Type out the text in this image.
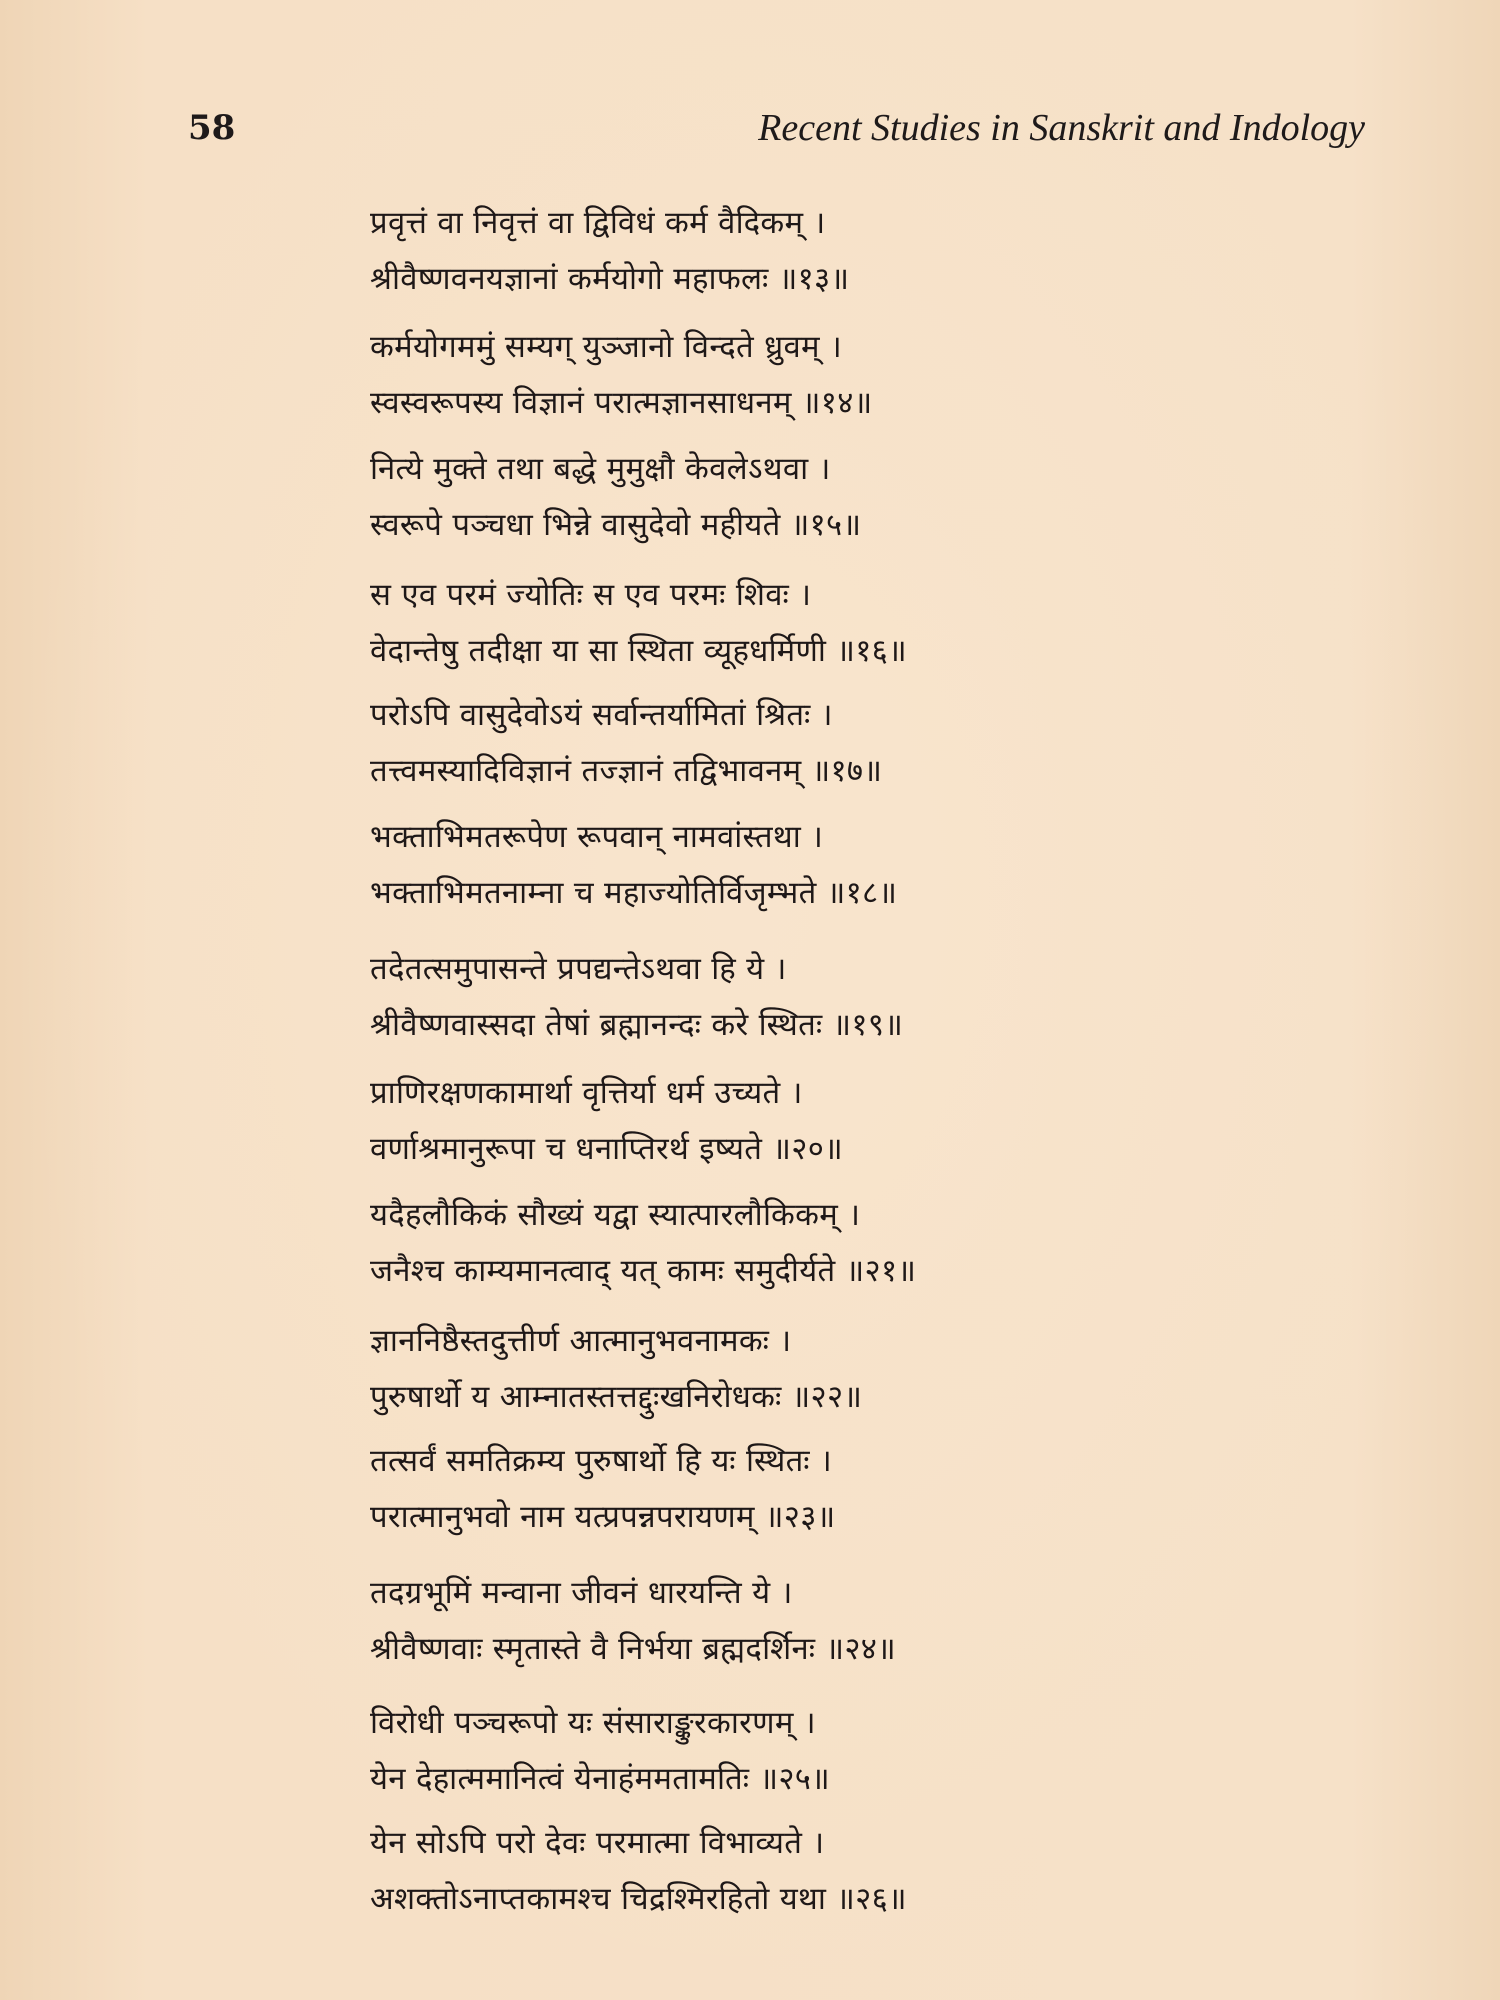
58	Recent Studies in Sanskrit and Indology
प्रवृत्तं वा निवृत्तं वा द्विविधं कर्म वैदिकम् ।
श्रीवैष्णवनयज्ञानां कर्मयोगो महाफलः ॥१३॥
कर्मयोगममुं सम्यग् युञ्जानो विन्दते ध्रुवम् ।
स्वस्वरूपस्य विज्ञानं परात्मज्ञानसाधनम् ॥१४॥
नित्ये मुक्ते तथा बद्धे मुमुक्षौ केवलेऽथवा ।
स्वरूपे पञ्चधा भिन्ने वासुदेवो महीयते ॥१५॥
स एव परमं ज्योतिः स एव परमः शिवः ।
वेदान्तेषु तदीक्षा या सा स्थिता व्यूहधर्मिणी ॥१६॥
परोऽपि वासुदेवोऽयं सर्वान्तर्यामितां श्रितः ।
तत्त्वमस्यादिविज्ञानं तज्ज्ञानं तद्विभावनम् ॥१७॥
भक्ताभिमतरूपेण रूपवान् नामवांस्तथा ।
भक्ताभिमतनाम्ना च महाज्योतिर्विजृम्भते ॥१८॥
तदेतत्समुपासन्ते प्रपद्यन्तेऽथवा हि ये ।
श्रीवैष्णवास्सदा तेषां ब्रह्मानन्दः करे स्थितः ॥१९॥
प्राणिरक्षणकामार्था वृत्तिर्या धर्म उच्यते ।
वर्णाश्रमानुरूपा च धनाप्तिरर्थ इष्यते ॥२०॥
यदैहलौकिकं सौख्यं यद्वा स्यात्पारलौकिकम् ।
जनैश्च काम्यमानत्वाद् यत् कामः समुदीर्यते ॥२१॥
ज्ञाननिष्ठैस्तदुत्तीर्ण आत्मानुभवनामकः ।
पुरुषार्थो य आम्नातस्तत्तद्दुःखनिरोधकः ॥२२॥
तत्सर्वं समतिक्रम्य पुरुषार्थो हि यः स्थितः ।
परात्मानुभवो नाम यत्प्रपन्नपरायणम् ॥२३॥
तदग्रभूमिं मन्वाना जीवनं धारयन्ति ये ।
श्रीवैष्णवाः स्मृतास्ते वै निर्भया ब्रह्मदर्शिनः ॥२४॥
विरोधी पञ्चरूपो यः संसाराङ्कुरकारणम् ।
येन देहात्ममानित्वं येनाहंममतामतिः ॥२५॥
येन सोऽपि परो देवः परमात्मा विभाव्यते ।
अशक्तोऽनाप्तकामश्च चिद्रश्मिरहितो यथा ॥२६॥
